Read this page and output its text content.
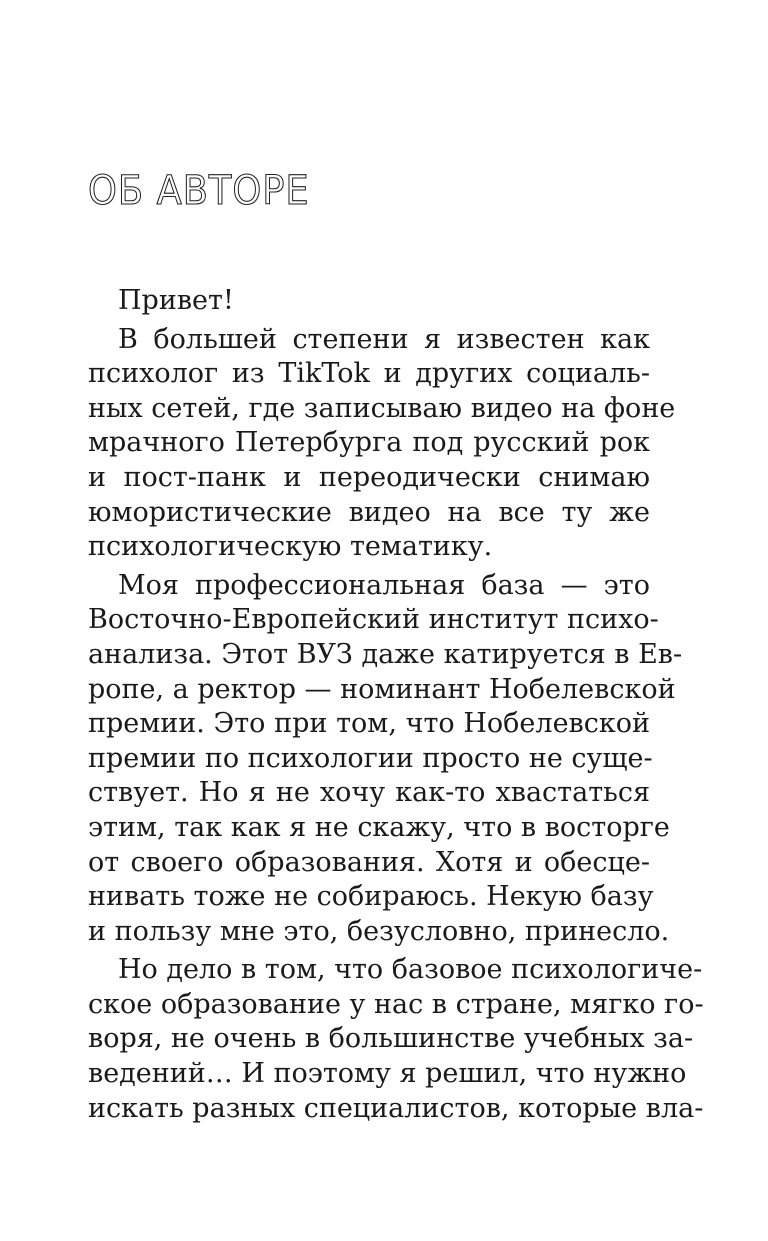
ОБ АВТОРЕ
Привет!
В большей степени я известен как
психолог из TikTok и других социаль-
ных сетей, где записываю видео на фоне
мрачного Петербурга под русский рок
и пост-панк и переодически снимаю
юмористические видео на все ту же
психологическую тематику.
Моя профессиональная база — это
Восточно-Европейский институт психо-
анализа. Этот ВУЗ даже катируется в Ев-
ропе, а ректор — номинант Нобелевской
премии. Это при том, что Нобелевской
премии по психологии просто не суще-
ствует. Но я не хочу как-то хвастаться
этим, так как я не скажу, что в восторге
от своего образования. Хотя и обесце-
нивать тоже не собираюсь. Некую базу
и пользу мне это, безусловно, принесло.
Но дело в том, что базовое психологиче-
ское образование у нас в стране, мягко го-
воря, не очень в большинстве учебных за-
ведений… И поэтому я решил, что нужно
искать разных специалистов, которые вла-
